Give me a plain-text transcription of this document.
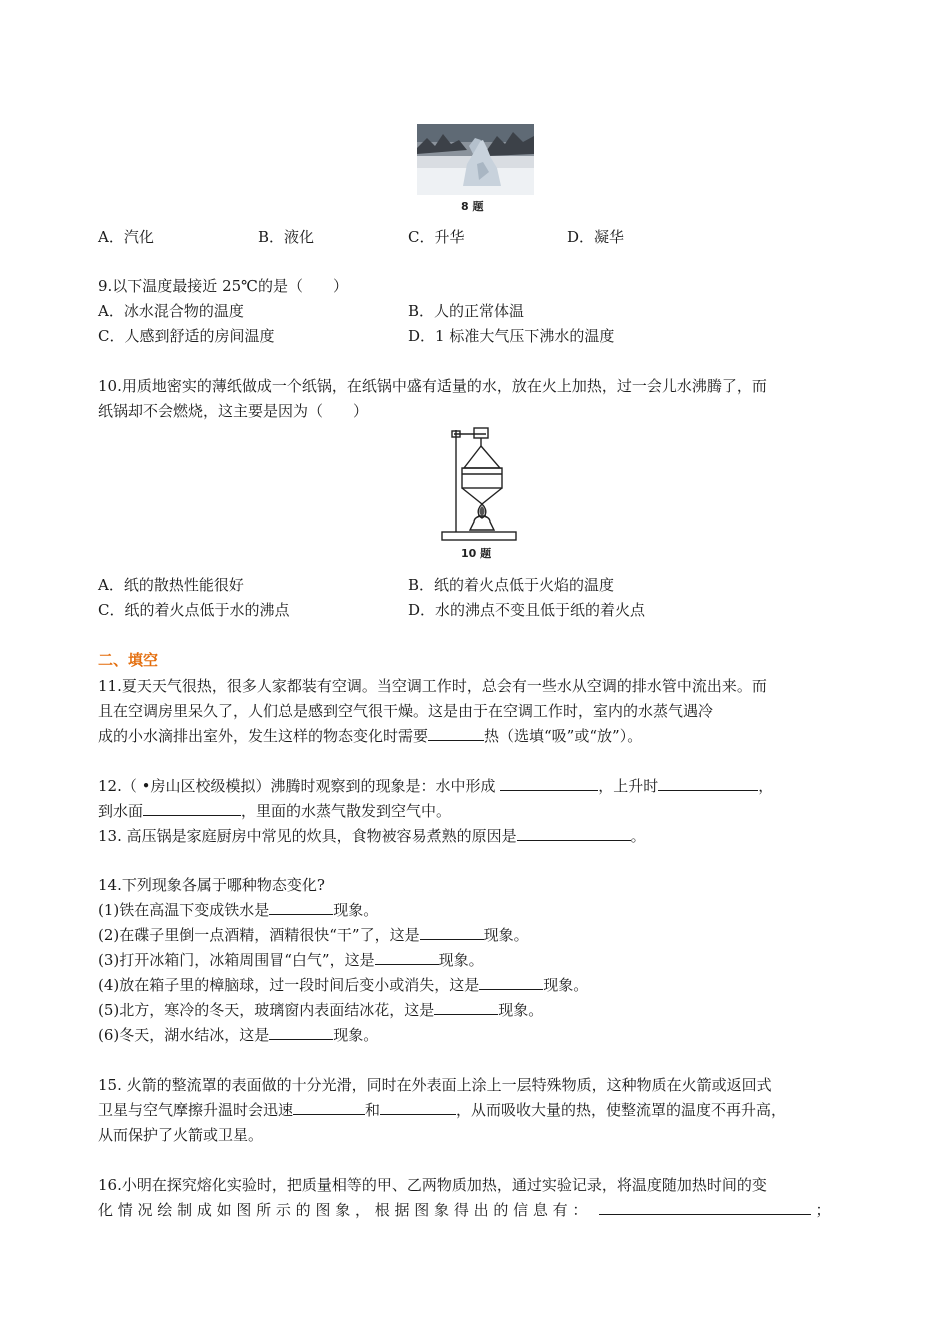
8 题
A．汽化	B．液化	C．升华	D．凝华
9.以下温度最接近 25℃的是（　　）
A．冰水混合物的温度	B．人的正常体温
C．人感到舒适的房间温度	D．1 标准大气压下沸水的温度
10.用质地密实的薄纸做成一个纸锅，在纸锅中盛有适量的水，放在火上加热，过一会儿水沸腾了，而
纸锅却不会燃烧，这主要是因为（　　）
10 题
A．纸的散热性能很好	B．纸的着火点低于火焰的温度
C．纸的着火点低于水的沸点	D．水的沸点不变且低于纸的着火点
二、填空
11.夏天天气很热，很多人家都装有空调。当空调工作时，总会有一些水从空调的排水管中流出来。而
且在空调房里呆久了，人们总是感到空气很干燥。这是由于在空调工作时，室内的水蒸气遇冷
成的小水滴排出室外，发生这样的物态变化时需要	热（选填“吸”或“放”）。
12.（ •房山区校级模拟）沸腾时观察到的现象是：水中形成	，上升时	，
到水面	，里面的水蒸气散发到空气中。
13. 高压锅是家庭厨房中常见的炊具，食物被容易煮熟的原因是	。
14.下列现象各属于哪种物态变化?
(1)铁在高温下变成铁水是	现象。
(2)在碟子里倒一点酒精，酒精很快“干”了，这是	现象。
(3)打开冰箱门，冰箱周围冒“白气”，这是	现象。
(4)放在箱子里的樟脑球，过一段时间后变小或消失，这是	现象。
(5)北方，寒冷的冬天，玻璃窗内表面结冰花，这是	现象。
(6)冬天，湖水结冰，这是	现象。
15. 火箭的整流罩的表面做的十分光滑，同时在外表面上涂上一层特殊物质，这种物质在火箭或返回式
卫星与空气摩擦升温时会迅速	和	，从而吸收大量的热，使整流罩的温度不再升高，
从而保护了火箭或卫星。
16.小明在探究熔化实验时，把质量相等的甲、乙两物质加热，通过实验记录，将温度随加热时间的变
化 情 况 绘 制 成 如 图 所 示 的 图 象 ， 根 据 图 象 得 出 的 信 息 有 ：	；
